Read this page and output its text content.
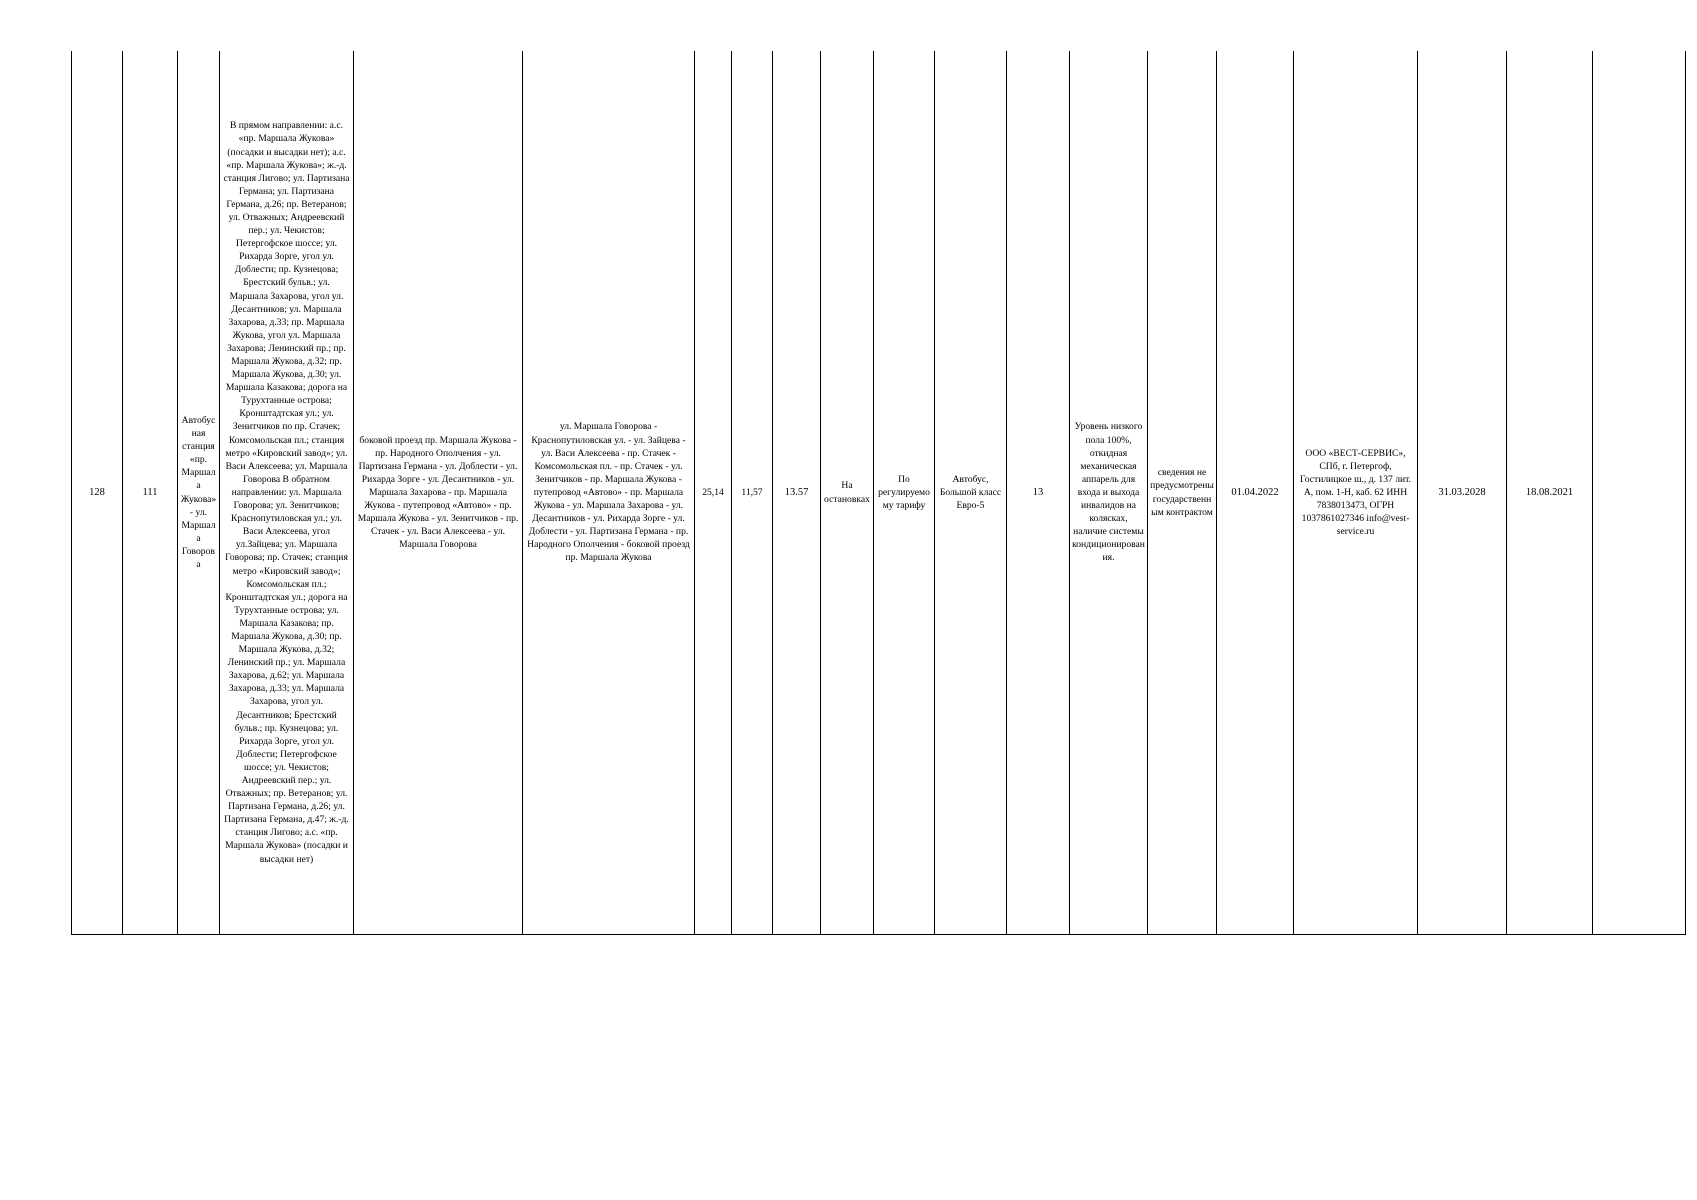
128	111	Автобусная станция «пр. Маршала Жукова» - ул. Маршала Говорова	В прямом направлении: а.с. «пр. Маршала Жукова» (посадки и высадки нет); а.с. «пр. Маршала Жукова»; ж.-д. станция Лигово; ул. Партизана Германа; ул. Партизана Германа, д.26; пр. Ветеранов; ул. Отважных; Андреевский пер.; ул. Чекистов; Петергофское шоссе; ул. Рихарда Зорге, угол ул. Доблести; пр. Кузнецова; Брестский бульв.; ул. Маршала Захарова, угол ул. Десантников; ул. Маршала Захарова, д.33; пр. Маршала Жукова, угол ул. Маршала Захарова; Ленинский пр.; пр. Маршала Жукова, д.32; пр. Маршала Жукова, д.30; ул. Маршала Казакова; дорога на Турухтанные острова; Кронштадтская ул.; ул. Зенитчиков по пр. Стачек; Комсомольская пл.; станция метро «Кировский завод»; ул. Васи Алексеева; ул. Маршала Говорова В обратном направлении: ул. Маршала Говорова; ул. Зенитчиков; Краснопутиловская ул.; ул. Васи Алексеева, угол ул.Зайцева; ул. Маршала Говорова; пр. Стачек; станция метро «Кировский завод»; Комсомольская пл.; Кронштадтская ул.; дорога на Турухтанные острова; ул. Маршала Казакова; пр. Маршала Жукова, д.30; пр. Маршала Жукова, д.32; Ленинский пр.; ул. Маршала Захарова, д.62; ул. Маршала Захарова, д.33; ул. Маршала Захарова, угол ул. Десантников; Брестский бульв.; пр. Кузнецова; ул. Рихарда Зорге, угол ул. Доблести; Петергофское шоссе; ул. Чекистов; Андреевский пер.; ул. Отважных; пр. Ветеранов; ул. Партизана Германа, д.26; ул. Партизана Германа, д.47; ж.-д. станция Лигово; а.с. «пр. Маршала Жукова» (посадки и высадки нет)	боковой проезд пр. Маршала Жукова - пр. Народного Ополчения - ул. Партизана Германа - ул. Доблести - ул. Рихарда Зорге - ул. Десантников - ул. Маршала Захарова - пр. Маршала Жукова - путепровод «Автово» - пр. Маршала Жукова - ул. Зенитчиков - пр. Стачек - ул. Васи Алексеева - ул. Маршала Говорова	ул. Маршала Говорова - Краснопутиловская ул. - ул. Зайцева - ул. Васи Алексеева - пр. Стачек - Комсомольская пл. - пр. Стачек - ул. Зенитчиков - пр. Маршала Жукова - путепровод «Автово» - пр. Маршала Жукова - ул. Маршала Захарова - ул. Десантников - ул. Рихарда Зорге - ул. Доблести - ул. Партизана Германа - пр. Народного Ополчения - боковой проезд пр. Маршала Жукова	25,14	11,57	13.57	На остановках	По регулируемому тарифу	Автобус, Большой класс Евро-5	13	Уровень низкого пола 100%, откидная механическая аппарель для входа и выхода инвалидов на колясках, наличие системы кондиционирования.	сведения не предусмотрены государственным контрактом	01.04.2022	ООО «ВЕСТ-СЕРВИС», СПб, г. Петергоф, Гостилицкое ш., д. 137 лит. А, пом. 1-Н, каб. 62 ИНН 7838013473, ОГРН 1037861027346 info@vest-service.ru	31.03.2028	18.08.2021	
